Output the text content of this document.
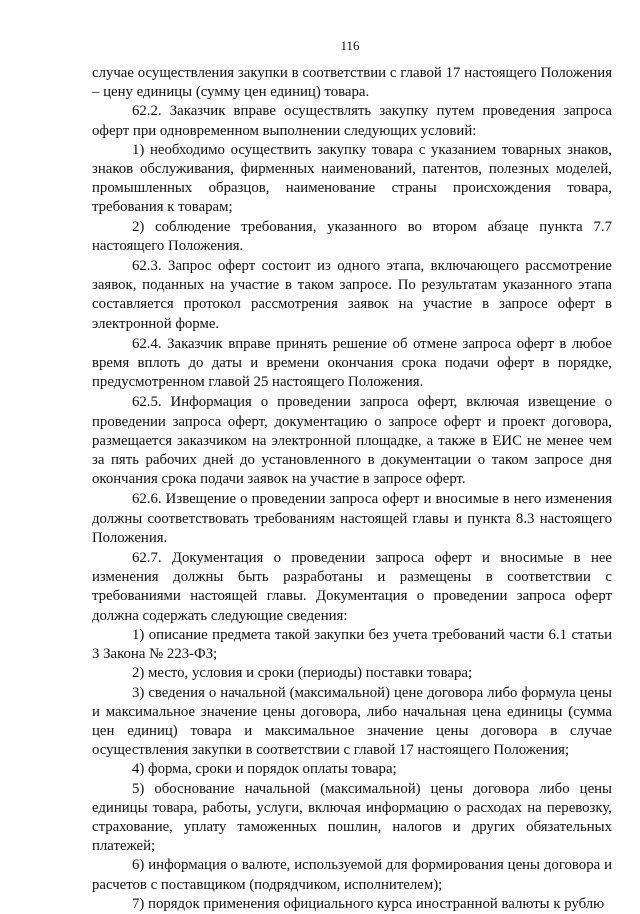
116

случае осуществления закупки в соответствии с главой 17 настоящего Положения – цену единицы (сумму цен единиц) товара.

62.2. Заказчик вправе осуществлять закупку путем проведения запроса оферт при одновременном выполнении следующих условий:

1) необходимо осуществить закупку товара с указанием товарных знаков, знаков обслуживания, фирменных наименований, патентов, полезных моделей, промышленных образцов, наименование страны происхождения товара, требования к товарам;

2) соблюдение требования, указанного во втором абзаце пункта 7.7 настоящего Положения.

62.3. Запрос оферт состоит из одного этапа, включающего рассмотрение заявок, поданных на участие в таком запросе. По результатам указанного этапа составляется протокол рассмотрения заявок на участие в запросе оферт в электронной форме.

62.4. Заказчик вправе принять решение об отмене запроса оферт в любое время вплоть до даты и времени окончания срока подачи оферт в порядке, предусмотренном главой 25 настоящего Положения.

62.5. Информация о проведении запроса оферт, включая извещение о проведении запроса оферт, документацию о запросе оферт и проект договора, размещается заказчиком на электронной площадке, а также в ЕИС не менее чем за пять рабочих дней до установленного в документации о таком запросе дня окончания срока подачи заявок на участие в запросе оферт.

62.6. Извещение о проведении запроса оферт и вносимые в него изменения должны соответствовать требованиям настоящей главы и пункта 8.3 настоящего Положения.

62.7. Документация о проведении запроса оферт и вносимые в нее изменения должны быть разработаны и размещены в соответствии с требованиями настоящей главы. Документация о проведении запроса оферт должна содержать следующие сведения:

1) описание предмета такой закупки без учета требований части 6.1 статьи 3 Закона № 223-ФЗ;

2) место, условия и сроки (периоды) поставки товара;

3) сведения о начальной (максимальной) цене договора либо формула цены и максимальное значение цены договора, либо начальная цена единицы (сумма цен единиц) товара и максимальное значение цены договора в случае осуществления закупки в соответствии с главой 17 настоящего Положения;

4) форма, сроки и порядок оплаты товара;

5) обоснование начальной (максимальной) цены договора либо цены единицы товара, работы, услуги, включая информацию о расходах на перевозку, страхование, уплату таможенных пошлин, налогов и других обязательных платежей;

6) информация о валюте, используемой для формирования цены договора и расчетов с поставщиком (подрядчиком, исполнителем);

7) порядок применения официального курса иностранной валюты к рублю
